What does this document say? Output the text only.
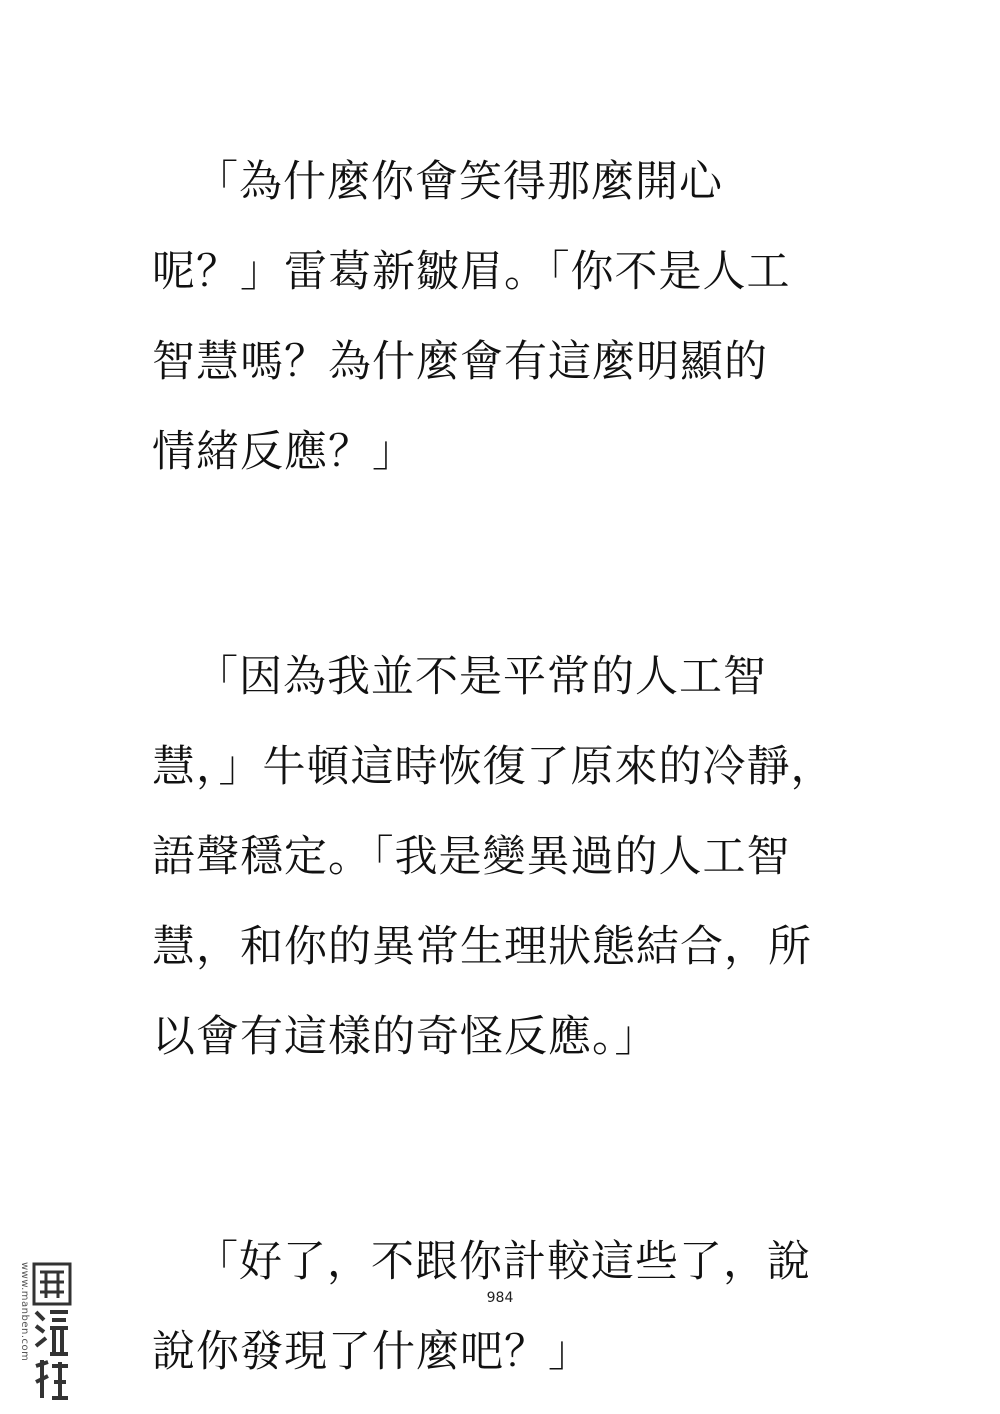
「為什麼你會笑得那麼開心
呢？」雷葛新皺眉。「你不是人工
智慧嗎？為什麼會有這麼明顯的
情緒反應？」
「因為我並不是平常的人工智
慧，」牛頓這時恢復了原來的冷靜，
語聲穩定。「我是變異過的人工智
慧，和你的異常生理狀態結合，所
以會有這樣的奇怪反應。」
「好了，不跟你計較這些了，說
說你發現了什麼吧？」
984
www.manben.com
